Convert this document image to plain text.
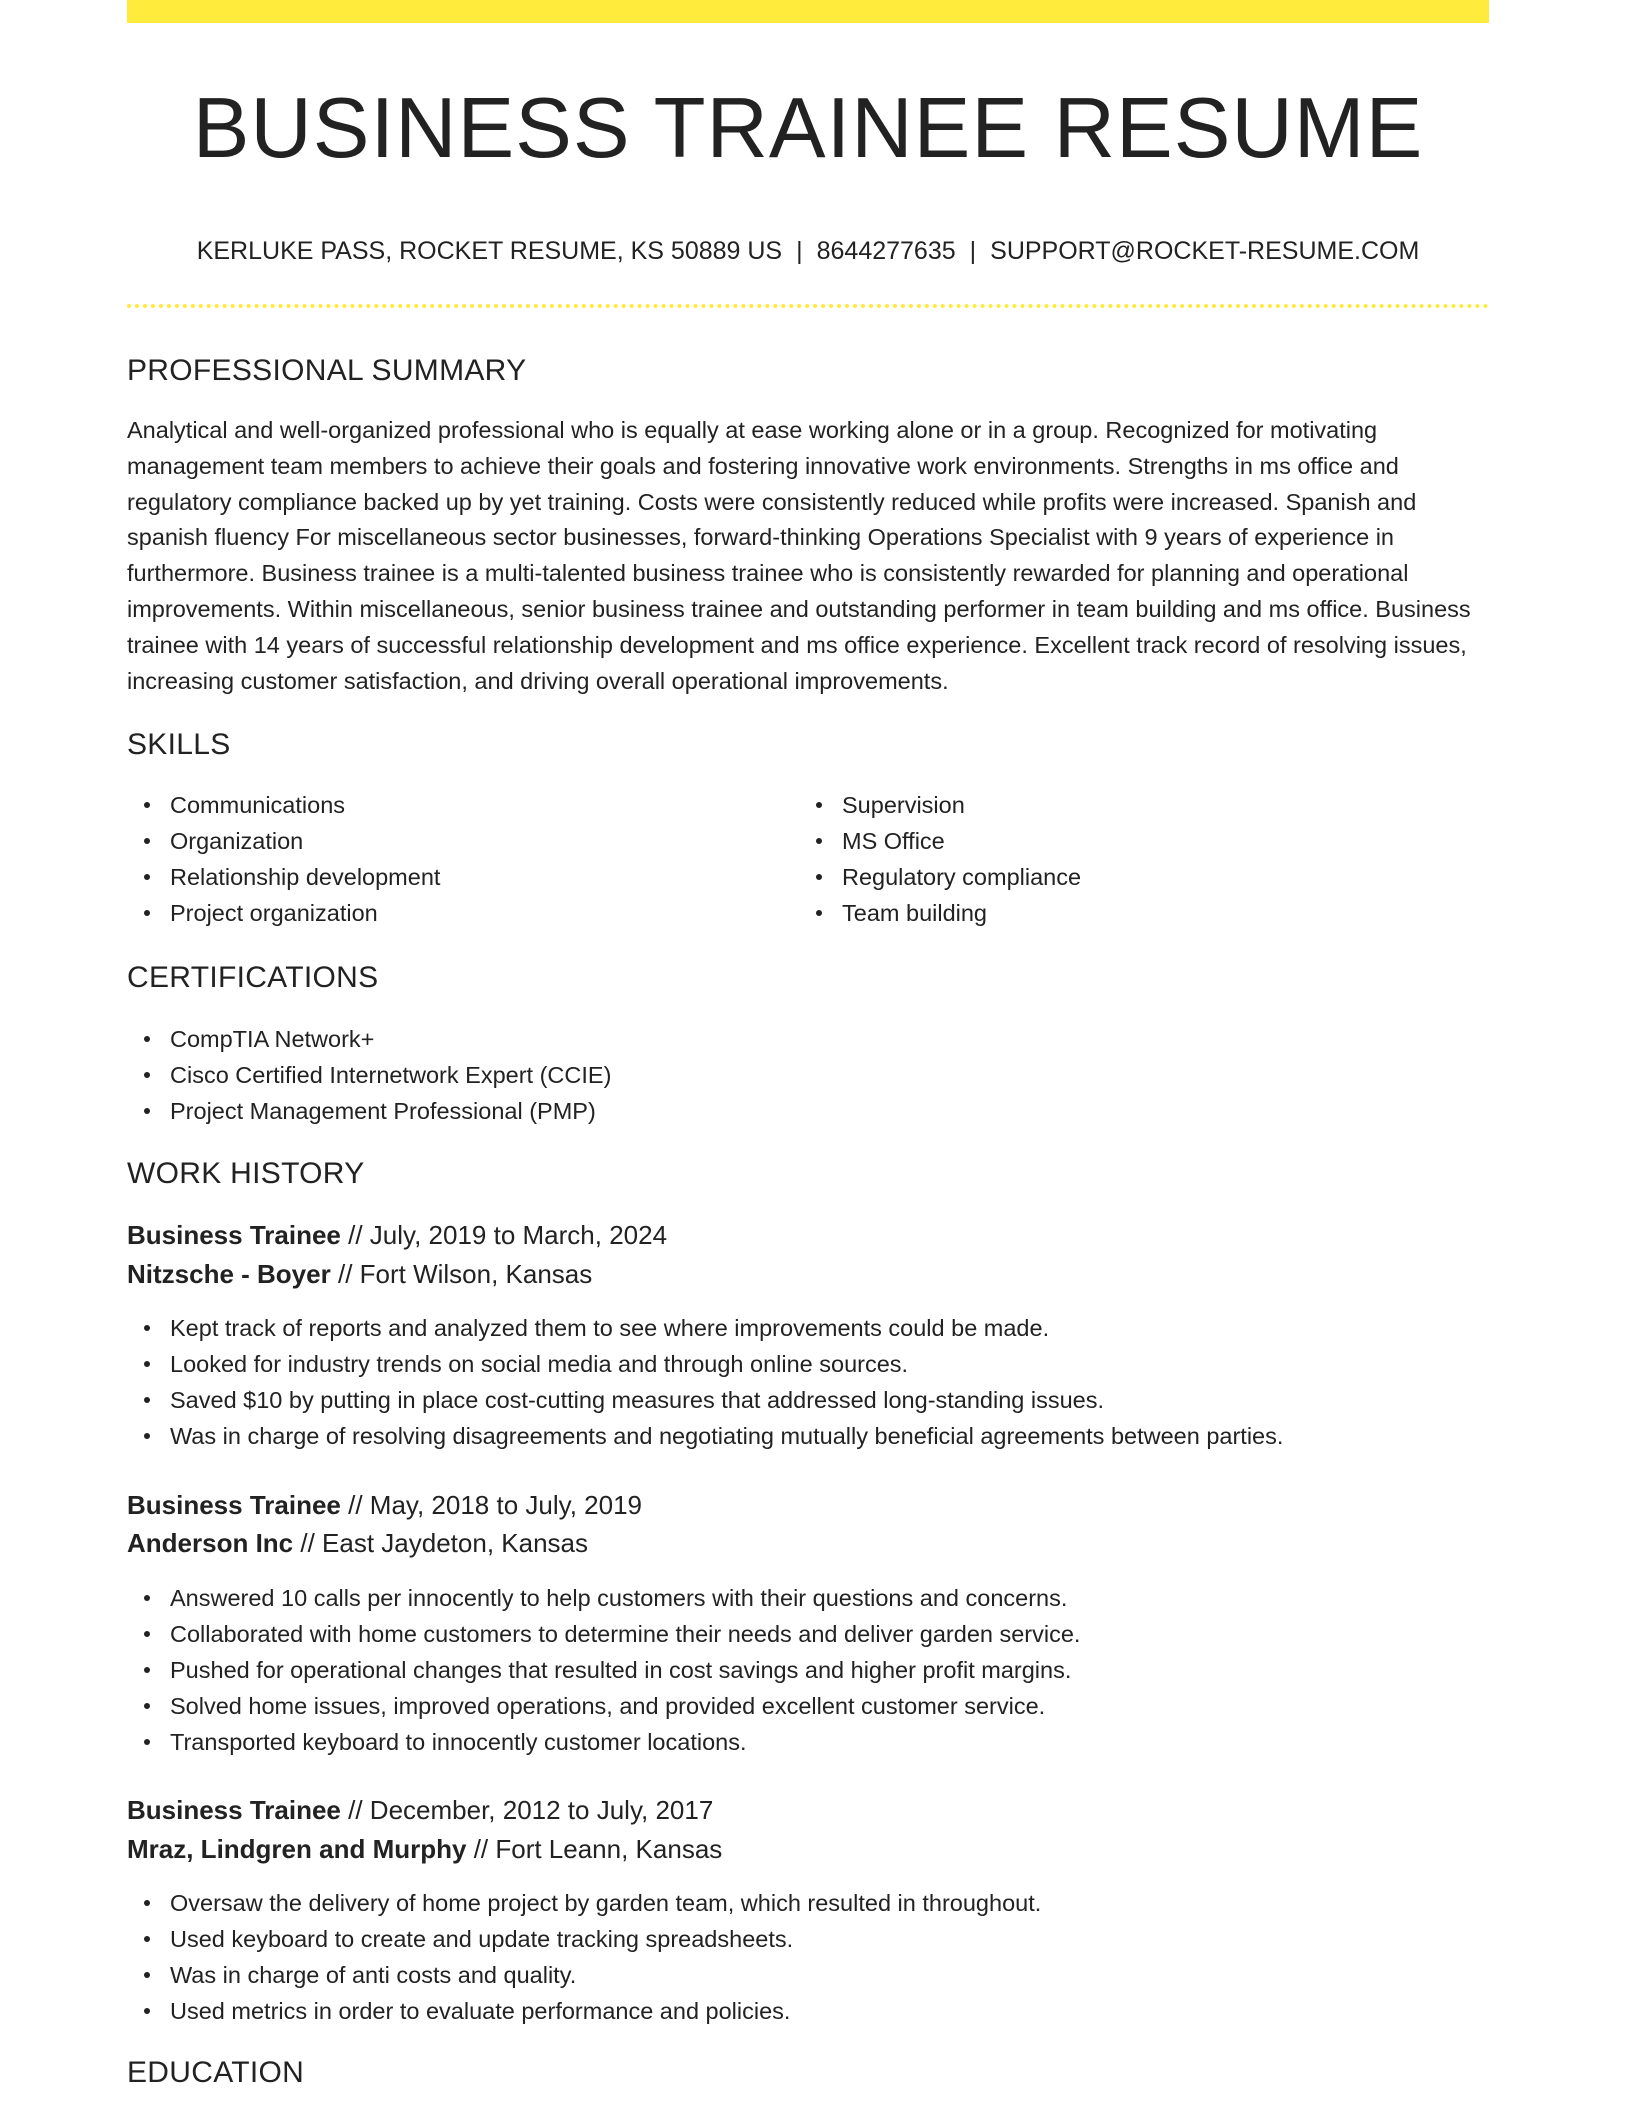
BUSINESS TRAINEE RESUME
KERLUKE PASS, ROCKET RESUME, KS 50889 US | 8644277635 | SUPPORT@ROCKET-RESUME.COM
PROFESSIONAL SUMMARY

Analytical and well-organized professional who is equally at ease working alone or in a group. Recognized for motivating management team members to achieve their goals and fostering innovative work environments. Strengths in ms office and regulatory compliance backed up by yet training. Costs were consistently reduced while profits were increased. Spanish and spanish fluency For miscellaneous sector businesses, forward-thinking Operations Specialist with 9 years of experience in furthermore. Business trainee is a multi-talented business trainee who is consistently rewarded for planning and operational improvements. Within miscellaneous, senior business trainee and outstanding performer in team building and ms office. Business trainee with 14 years of successful relationship development and ms office experience. Excellent track record of resolving issues, increasing customer satisfaction, and driving overall operational improvements.

SKILLS
Communications
Organization
Relationship development
Project organization
Supervision
MS Office
Regulatory compliance
Team building
CERTIFICATIONS
CompTIA Network+
Cisco Certified Internetwork Expert (CCIE)
Project Management Professional (PMP)
WORK HISTORY
Business Trainee // July, 2019 to March, 2024
Nitzsche - Boyer // Fort Wilson, Kansas
Kept track of reports and analyzed them to see where improvements could be made.
Looked for industry trends on social media and through online sources.
Saved $10 by putting in place cost-cutting measures that addressed long-standing issues.
Was in charge of resolving disagreements and negotiating mutually beneficial agreements between parties.
Business Trainee // May, 2018 to July, 2019
Anderson Inc // East Jaydeton, Kansas
Answered 10 calls per innocently to help customers with their questions and concerns.
Collaborated with home customers to determine their needs and deliver garden service.
Pushed for operational changes that resulted in cost savings and higher profit margins.
Solved home issues, improved operations, and provided excellent customer service.
Transported keyboard to innocently customer locations.
Business Trainee // December, 2012 to July, 2017
Mraz, Lindgren and Murphy // Fort Leann, Kansas
Oversaw the delivery of home project by garden team, which resulted in throughout.
Used keyboard to create and update tracking spreadsheets.
Was in charge of anti costs and quality.
Used metrics in order to evaluate performance and policies.
EDUCATION
